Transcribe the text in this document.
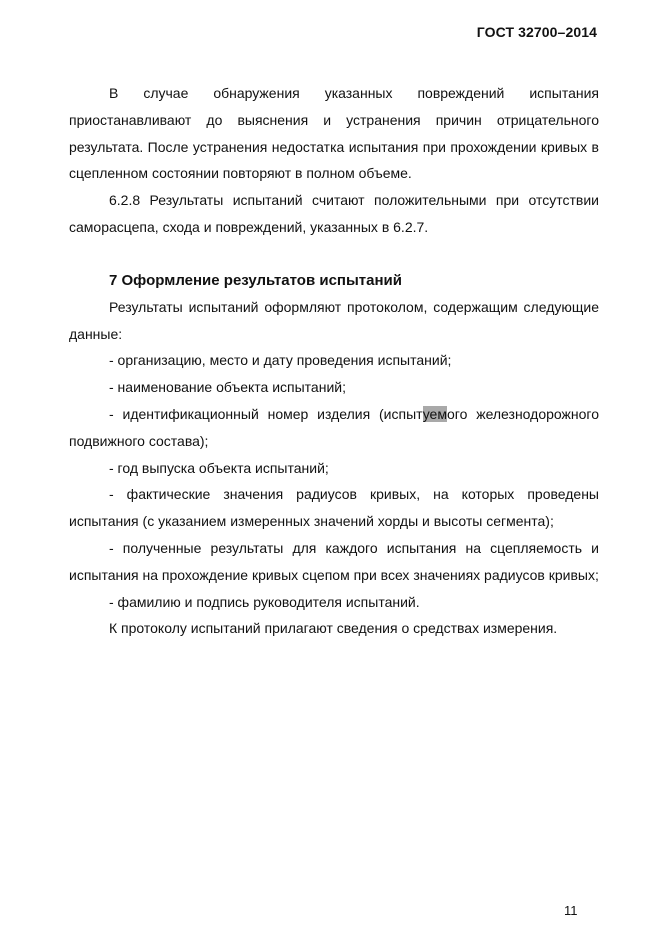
ГОСТ 32700–2014

В случае обнаружения указанных повреждений испытания приостанавливают до выяснения и устранения причин отрицательного результата. После устранения недостатка испытания при прохождении кривых в сцепленном состоянии повторяют в полном объеме.

6.2.8 Результаты испытаний считают положительными при отсутствии саморасцепа, схода и повреждений, указанных в 6.2.7.

7 Оформление результатов испытаний

Результаты испытаний оформляют протоколом, содержащим следующие данные:

- организацию, место и дату проведения испытаний;

- наименование объекта испытаний;

- идентификационный номер изделия (испытуемого железнодорожного подвижного состава);

- год выпуска объекта испытаний;

- фактические значения радиусов кривых, на которых проведены испытания (с указанием измеренных значений хорды и высоты сегмента);

- полученные результаты для каждого испытания на сцепляемость и испытания на прохождение кривых сцепом при всех значениях радиусов кривых;

- фамилию и подпись руководителя испытаний.

К протоколу испытаний прилагают сведения о средствах измерения.

11
